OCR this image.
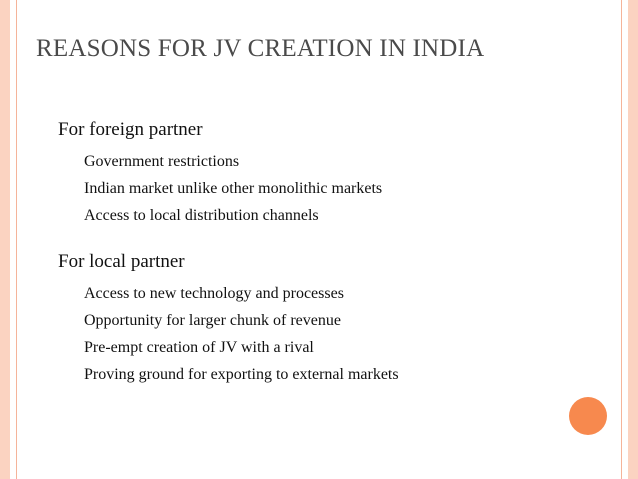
REASONS FOR JV CREATION IN INDIA
For foreign partner
Government restrictions
Indian market unlike other monolithic markets
Access to local distribution channels
For local partner
Access to new technology and processes
Opportunity for larger chunk of revenue
Pre-empt creation of JV with a rival
Proving ground for exporting to external markets
